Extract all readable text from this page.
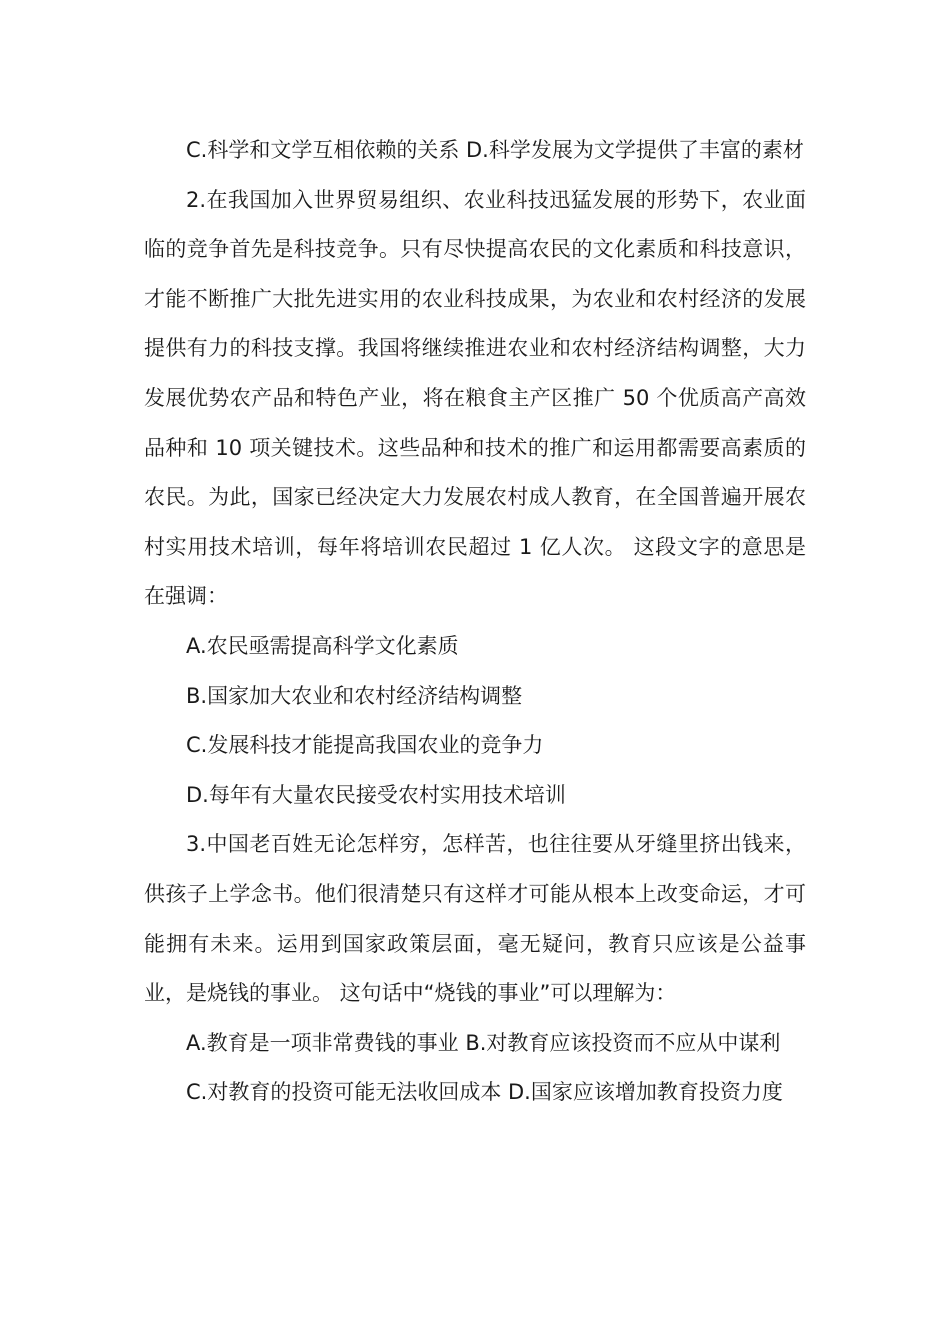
C.科学和文学互相依赖的关系 D.科学发展为文学提供了丰富的素材

2.在我国加入世界贸易组织、农业科技迅猛发展的形势下，农业面临的竞争首先是科技竞争。只有尽快提高农民的文化素质和科技意识，才能不断推广大批先进实用的农业科技成果，为农业和农村经济的发展提供有力的科技支撑。我国将继续推进农业和农村经济结构调整，大力发展优势农产品和特色产业，将在粮食主产区推广 50 个优质高产高效品种和 10 项关键技术。这些品种和技术的推广和运用都需要高素质的农民。为此，国家已经决定大力发展农村成人教育，在全国普遍开展农村实用技术培训，每年将培训农民超过 1 亿人次。 这段文字的意思是在强调：

A.农民亟需提高科学文化素质

B.国家加大农业和农村经济结构调整

C.发展科技才能提高我国农业的竞争力

D.每年有大量农民接受农村实用技术培训

3.中国老百姓无论怎样穷，怎样苦，也往往要从牙缝里挤出钱来，供孩子上学念书。他们很清楚只有这样才可能从根本上改变命运，才可能拥有未来。运用到国家政策层面，毫无疑问，教育只应该是公益事业，是烧钱的事业。 这句话中“烧钱的事业”可以理解为：

A.教育是一项非常费钱的事业 B.对教育应该投资而不应从中谋利

C.对教育的投资可能无法收回成本 D.国家应该增加教育投资力度
